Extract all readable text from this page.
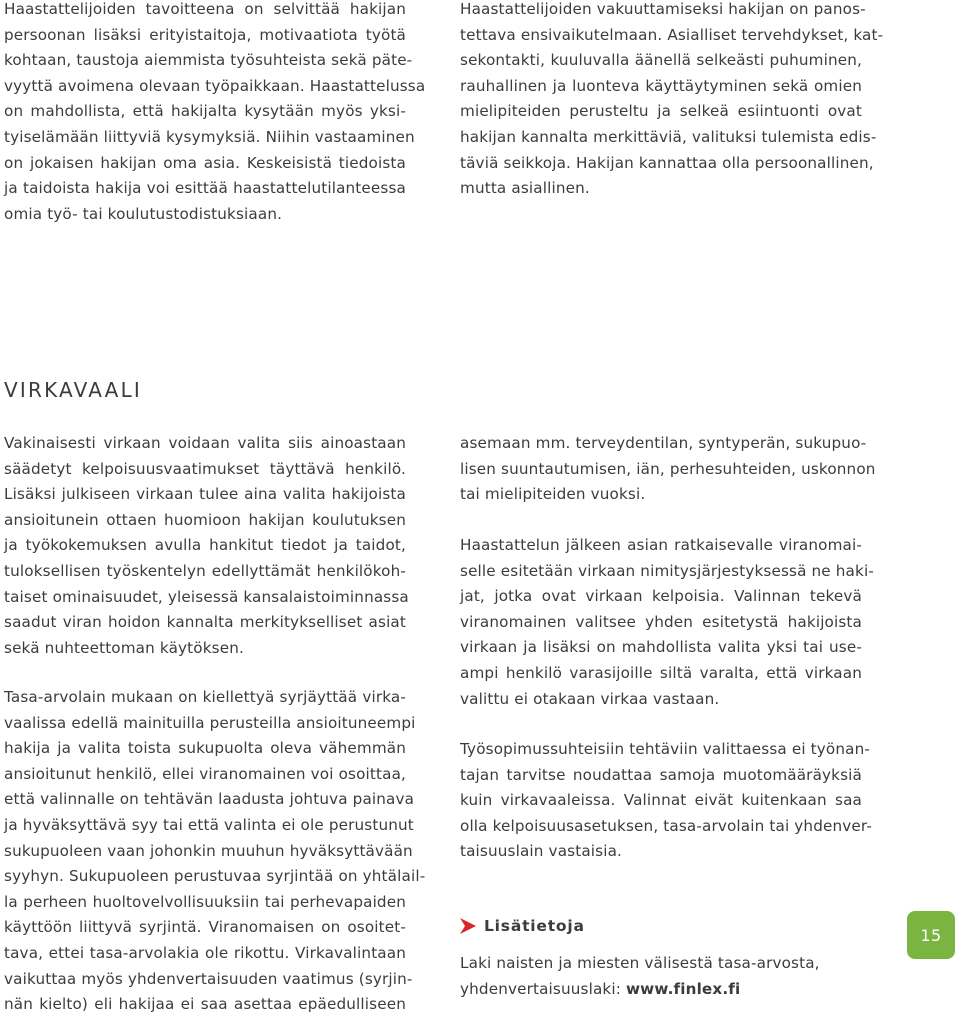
Haastattelijoiden tavoitteena on selvittää hakijan
persoonan lisäksi erityistaitoja, motivaatiota työtä
kohtaan, taustoja aiemmista työsuhteista sekä päte-
vyyttä avoimena olevaan työpaikkaan. Haastattelussa
on mahdollista, että hakijalta kysytään myös yksi-
tyiselämään liittyviä kysymyksiä. Niihin vastaaminen
on jokaisen hakijan oma asia. Keskeisistä tiedoista
ja taidoista hakija voi esittää haastattelutilanteessa
omia työ- tai koulutustodistuksiaan.

Haastattelijoiden vakuuttamiseksi hakijan on panos-
tettava ensivaikutelmaan. Asialliset tervehdykset, kat-
sekontakti, kuuluvalla äänellä selkeästi puhuminen,
rauhallinen ja luonteva käyttäytyminen sekä omien
mielipiteiden perusteltu ja selkeä esiintuonti ovat
hakijan kannalta merkittäviä, valituksi tulemista edis-
täviä seikkoja. Hakijan kannattaa olla persoonallinen,
mutta asiallinen.

VIRKAVAALI

Vakinaisesti virkaan voidaan valita siis ainoastaan
säädetyt kelpoisuusvaatimukset täyttävä henkilö.
Lisäksi julkiseen virkaan tulee aina valita hakijoista
ansioitunein ottaen huomioon hakijan koulutuksen
ja työkokemuksen avulla hankitut tiedot ja taidot,
tuloksellisen työskentelyn edellyttämät henkilökoh-
taiset ominaisuudet, yleisessä kansalaistoiminnassa
saadut viran hoidon kannalta merkitykselliset asiat
sekä nuhteettoman käytöksen.

Tasa-arvolain mukaan on kiellettyä syrjäyttää virka-
vaalissa edellä mainituilla perusteilla ansioituneempi
hakija ja valita toista sukupuolta oleva vähemmän
ansioitunut henkilö, ellei viranomainen voi osoittaa,
että valinnalle on tehtävän laadusta johtuva painava
ja hyväksyttävä syy tai että valinta ei ole perustunut
sukupuoleen vaan johonkin muuhun hyväksyttävään
syyhyn. Sukupuoleen perustuvaa syrjintää on yhtälail-
la perheen huoltovelvollisuuksiin tai perhevapaiden
käyttöön liittyvä syrjintä. Viranomaisen on osoitet-
tava, ettei tasa-arvolakia ole rikottu. Virkavalintaan
vaikuttaa myös yhdenvertaisuuden vaatimus (syrjin-
nän kielto) eli hakijaa ei saa asettaa epäedulliseen

asemaan mm. terveydentilan, syntyperän, sukupuo-
lisen suuntautumisen, iän, perhesuhteiden, uskonnon
tai mielipiteiden vuoksi.

Haastattelun jälkeen asian ratkaisevalle viranomai-
selle esitetään virkaan nimitysjärjestyksessä ne haki-
jat, jotka ovat virkaan kelpoisia. Valinnan tekevä
viranomainen valitsee yhden esitetystä hakijoista
virkaan ja lisäksi on mahdollista valita yksi tai use-
ampi henkilö varasijoille siltä varalta, että virkaan
valittu ei otakaan virkaa vastaan.

Työsopimussuhteisiin tehtäviin valittaessa ei työnan-
tajan tarvitse noudattaa samoja muotomääräyksiä
kuin virkavaaleissa. Valinnat eivät kuitenkaan saa
olla kelpoisuusasetuksen, tasa-arvolain tai yhdenver-
taisuuslain vastaisia.

Lisätietoja

Laki naisten ja miesten välisestä tasa-arvosta,
yhdenvertaisuuslaki: www.finlex.fi

15
